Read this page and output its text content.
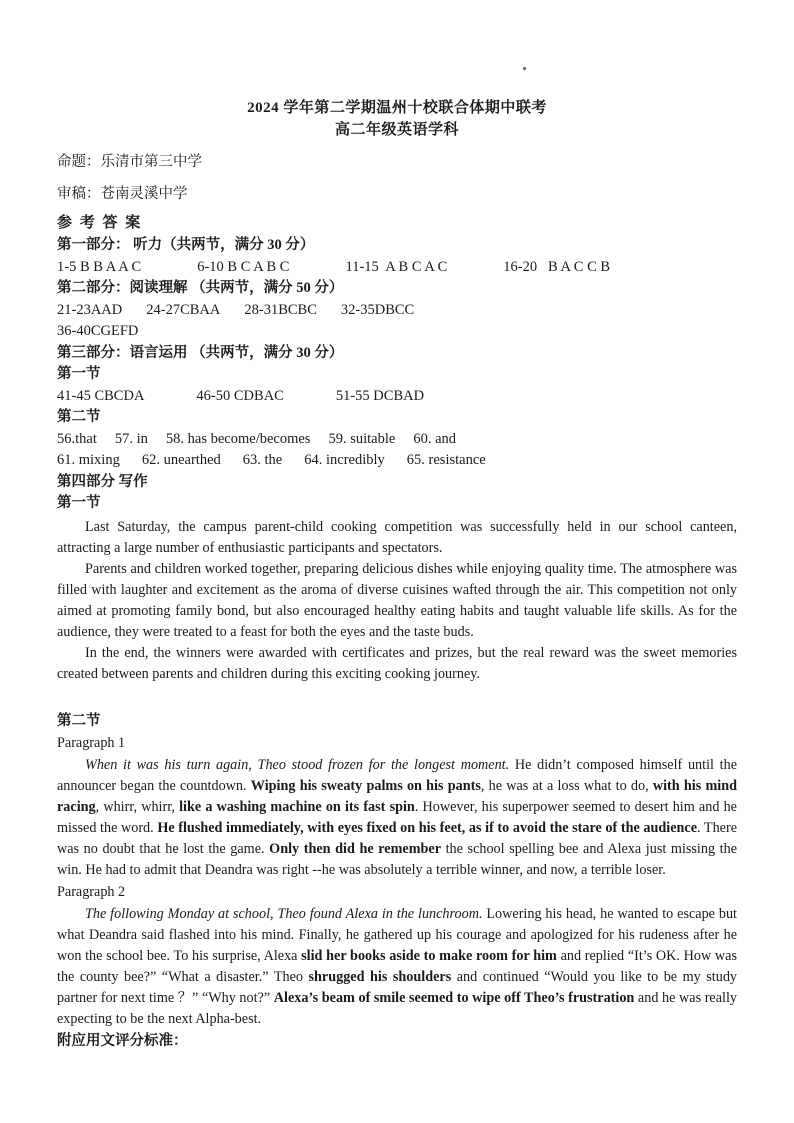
2024 学年第二学期温州十校联合体期中联考
高二年级英语学科
命题：乐清市第三中学
审稿：苍南灵溪中学
参 考 答 案
第一部分： 听力（共两节，满分 30 分）
1-5 B B A A C	6-10 B C A B C	11-15  A B C A C	16-20   B A C C B
第二部分：阅读理解 （共两节，满分 50 分）
21-23AAD 24-27CBAA 28-31BCBC 32-35DBCC
36-40CGEFD
第三部分：语言运用 （共两节，满分 30 分）
第一节
41-45 CBCDA	46-50 CDBAC	51-55 DCBAD
第二节
56.that 57. in 58. has become/becomes 59. suitable 60. and
61. mixing 62. unearthed 63. the 64. incredibly 65. resistance
第四部分 写作
第一节

Last Saturday, the campus parent-child cooking competition was successfully held in our school canteen, attracting a large number of enthusiastic participants and spectators.

Parents and children worked together, preparing delicious dishes while enjoying quality time. The atmosphere was filled with laughter and excitement as the aroma of diverse cuisines wafted through the air. This competition not only aimed at promoting family bond, but also encouraged healthy eating habits and taught valuable life skills. As for the audience, they were treated to a feast for both the eyes and the taste buds.

In the end, the winners were awarded with certificates and prizes, but the real reward was the sweet memories created between parents and children during this exciting cooking journey.

第二节
Paragraph 1
When it was his turn again, Theo stood frozen for the longest moment. He didn’t composed himself until the announcer began the countdown. Wiping his sweaty palms on his pants, he was at a loss what to do, with his mind racing, whirr, whirr, like a washing machine on its fast spin. However, his superpower seemed to desert him and he missed the word. He flushed immediately, with eyes fixed on his feet, as if to avoid the stare of the audience. There was no doubt that he lost the game. Only then did he remember the school spelling bee and Alexa just missing the win. He had to admit that Deandra was right --he was absolutely a terrible winner, and now, a terrible loser.
Paragraph 2
The following Monday at school, Theo found Alexa in the lunchroom. Lowering his head, he wanted to escape but what Deandra said flashed into his mind. Finally, he gathered up his courage and apologized for his rudeness after he won the school bee. To his surprise, Alexa slid her books aside to make room for him and replied “It’s OK. How was the county bee?” “What a disaster.” Theo shrugged his shoulders and continued “Would you like to be my study partner for next time ？” “Why not?” Alexa’s beam of smile seemed to wipe off Theo’s frustration and he was really expecting to be the next Alpha-best.
附应用文评分标准：
